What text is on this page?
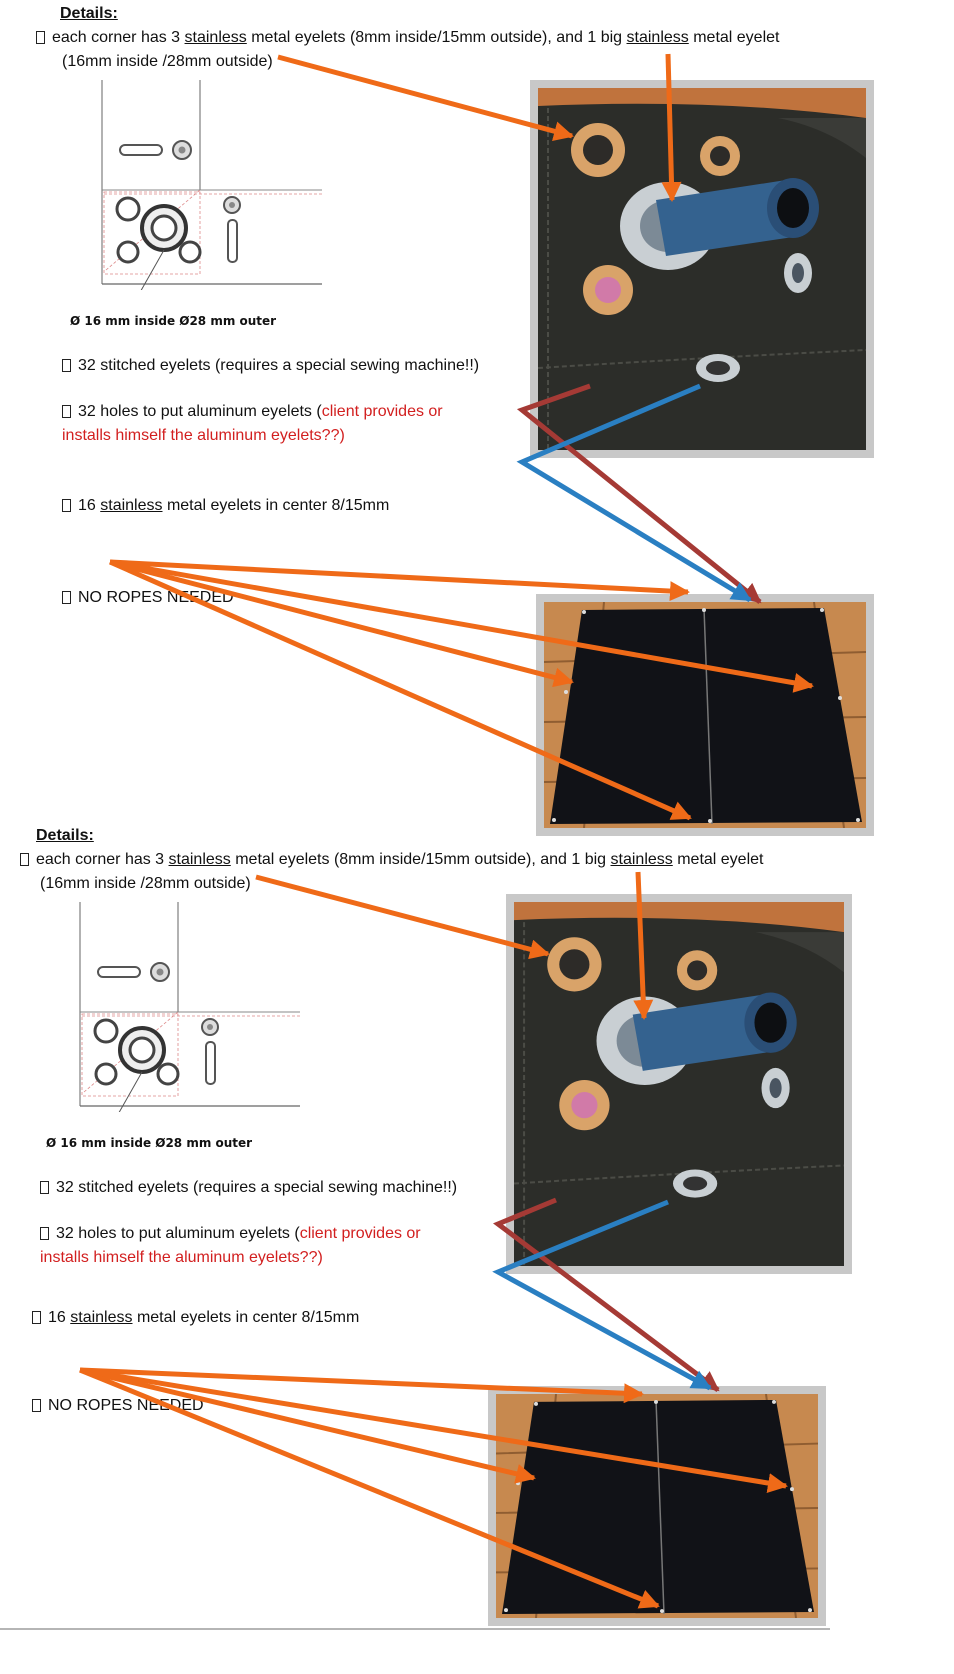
Details:
each corner has 3 stainless metal eyelets (8mm inside/15mm outside), and 1 big stainless metal eyelet
(16mm inside /28mm outside)
Ø 16 mm inside Ø28 mm outer
32 stitched eyelets (requires a special sewing machine!!)
32 holes to put aluminum eyelets (client provides or installs himself the aluminum eyelets??)
16 stainless metal eyelets in center 8/15mm
NO ROPES NEEDED
Details:
each corner has 3 stainless metal eyelets (8mm inside/15mm outside), and 1 big stainless metal eyelet
(16mm inside /28mm outside)
Ø 16 mm inside Ø28 mm outer
32 stitched eyelets (requires a special sewing machine!!)
32 holes to put aluminum eyelets (client provides or installs himself the aluminum eyelets??)
16 stainless metal eyelets in center 8/15mm
NO ROPES NEEDED
